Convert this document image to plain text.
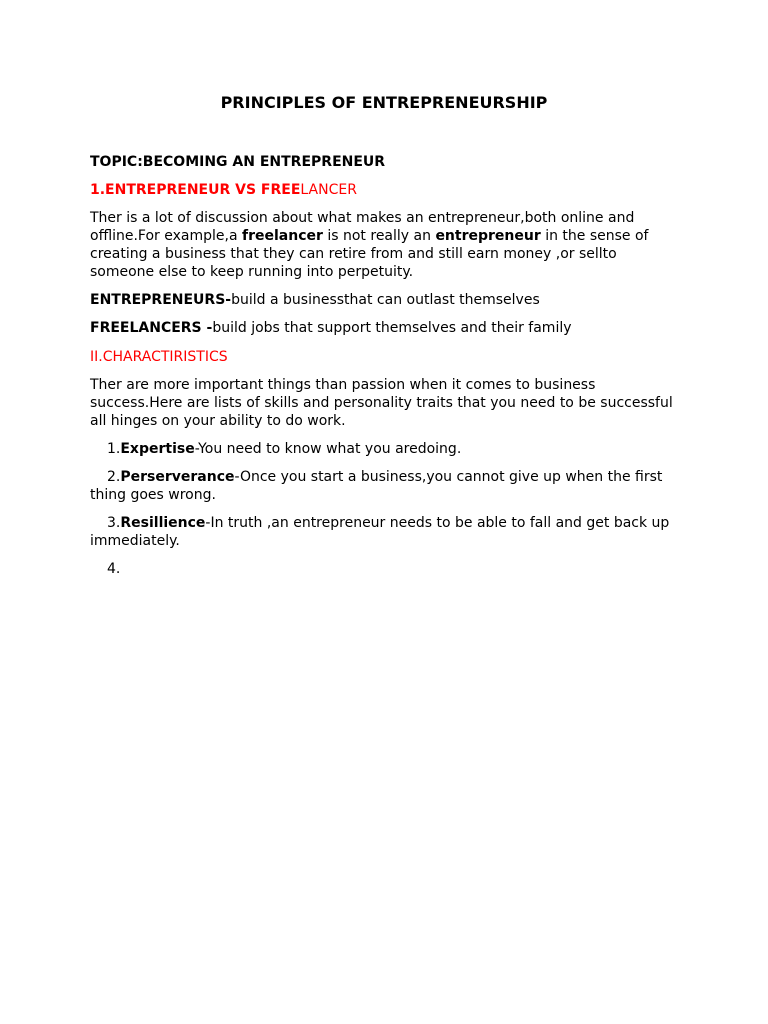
PRINCIPLES OF ENTREPRENEURSHIP
TOPIC:BECOMING AN ENTREPRENEUR
1.ENTREPRENEUR VS FREELANCER
Ther is a lot of discussion about what makes an entrepreneur,both online and offline.For example,a freelancer is not really an entrepreneur in the sense of creating a business that they can retire from and still earn money ,or sellto someone else to keep running into perpetuity.
ENTREPRENEURS-build a businessthat can outlast themselves
FREELANCERS -build jobs that support themselves and their family
II.CHARACTIRISTICS
Ther are more important things than passion when it comes to business success.Here are lists of skills and personality traits that you need to be successful all hinges on your ability to do work.
1.Expertise-You need to know what you aredoing.
2.Perserverance-Once you start a business,you cannot give up when the first thing goes wrong.
3.Resillience-In truth ,an entrepreneur needs to be able to fall and get back up immediately.
4.
